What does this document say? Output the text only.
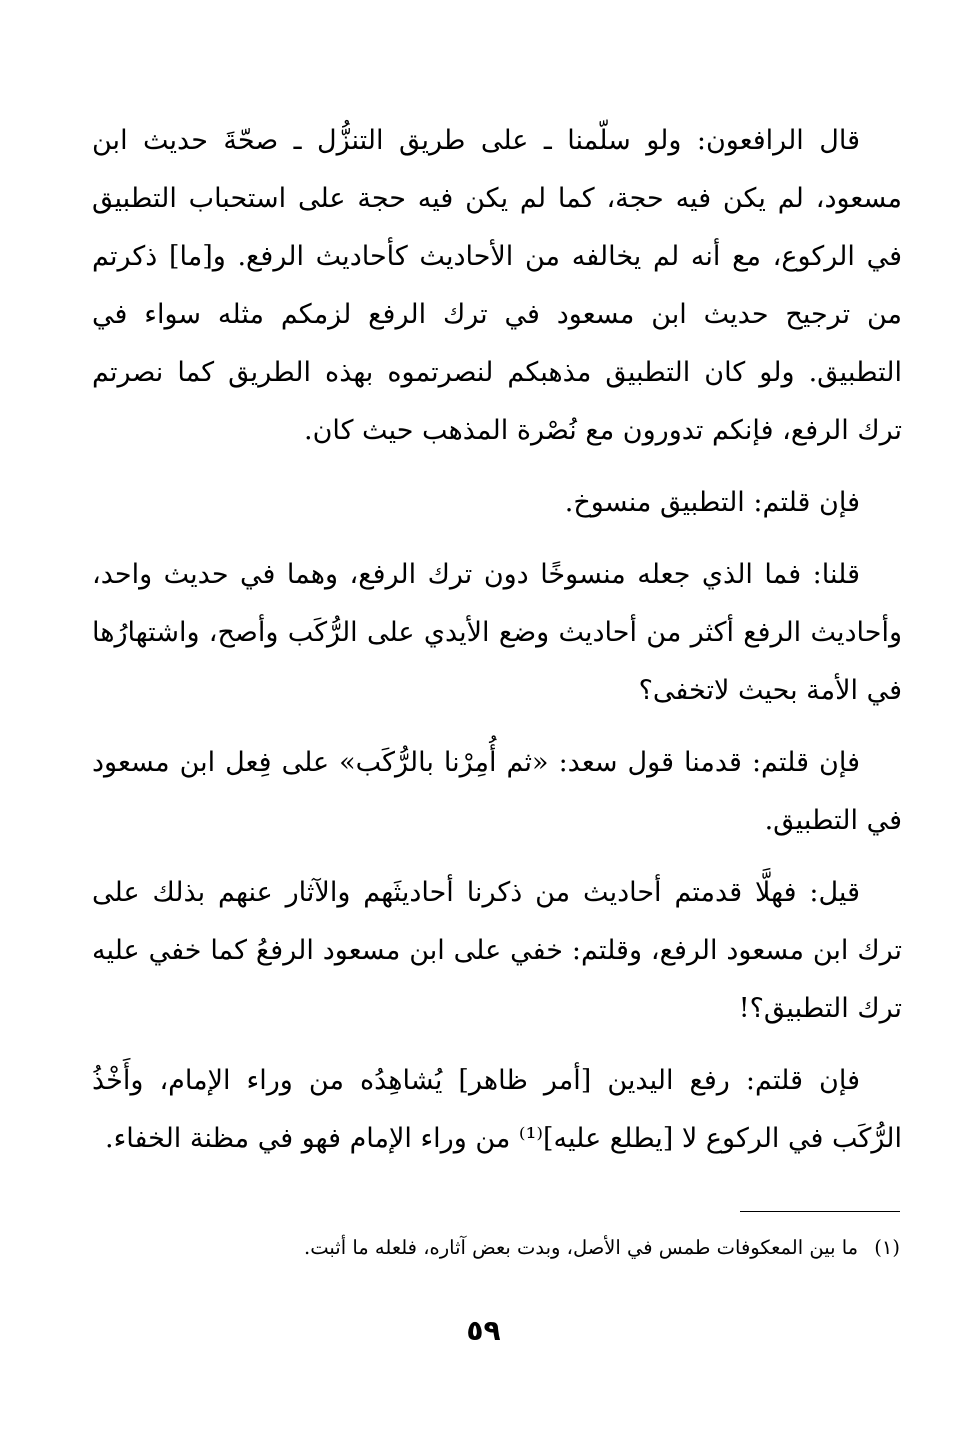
قال الرافعون: ولو سلّمنا ـ على طريق التنزُّل ـ صحّةَ حديث ابن مسعود، لم يكن فيه حجة، كما لم يكن فيه حجة على استحباب التطبيق في الركوع، مع أنه لم يخالفه من الأحاديث كأحاديث الرفع. و[ما] ذكرتم من ترجيح حديث ابن مسعود في ترك الرفع لزمكم مثله سواء في التطبيق. ولو كان التطبيق مذهبكم لنصرتموه بهذه الطريق كما نصرتم ترك الرفع، فإنكم تدورون مع نُصْرة المذهب حيث كان.

فإن قلتم: التطبيق منسوخ.

قلنا: فما الذي جعله منسوخًا دون ترك الرفع، وهما في حديث واحد، وأحاديث الرفع أكثر من أحاديث وضع الأيدي على الرُّكَب وأصح، واشتهارُها في الأمة بحيث لاتخفى؟

فإن قلتم: قدمنا قول سعد: «ثم أُمِرْنا بالرُّكَب» على فِعل ابن مسعود في التطبيق.

قيل: فهلَّا قدمتم أحاديث من ذكرنا أحاديثَهم والآثار عنهم بذلك على ترك ابن مسعود الرفع، وقلتم: خفي على ابن مسعود الرفعُ كما خفي عليه ترك التطبيق؟!

فإن قلتم: رفع اليدين [أمر ظاهر] يُشاهِدُه من وراء الإمام، وأَخْذُ الرُّكَب في الركوع لا [يطلع عليه]⁽¹⁾ من وراء الإمام فهو في مظنة الخفاء.

(١) ما بين المعكوفات طمس في الأصل، وبدت بعض آثاره، فلعله ما أثبت.

٥٩
